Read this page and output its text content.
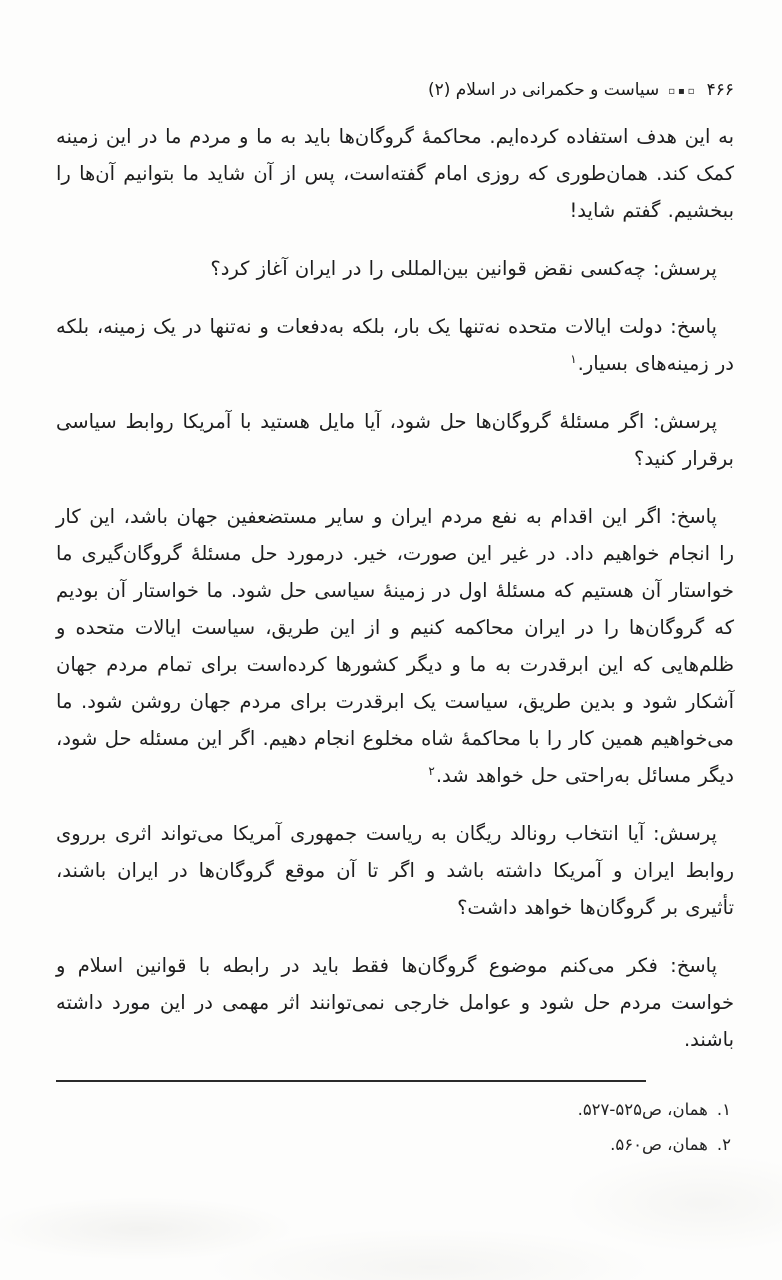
۴۶۶
▫▪▫
سیاست و حکمرانی در اسلام (۲)

به این هدف استفاده کرده‌ایم. محاکمهٔ گروگان‌ها باید به ما و مردم ما در این زمینه کمک کند. همان‌طوری که روزی امام گفته‌است، پس از آن شاید ما بتوانیم آن‌ها را ببخشیم. گفتم شاید!

پرسش: چه‌کسی نقض قوانین بین‌المللی را در ایران آغاز کرد؟

پاسخ: دولت ایالات متحده نه‌تنها یک بار، بلکه به‌دفعات و نه‌تنها در یک زمینه، بلکه در زمینه‌های بسیار.$^۱$

پرسش: اگر مسئلهٔ گروگان‌ها حل شود، آیا مایل هستید با آمریکا روابط سیاسی برقرار کنید؟

پاسخ: اگر این اقدام به نفع مردم ایران و سایر مستضعفین جهان باشد، این کار را انجام خواهیم داد. در غیر این صورت، خیر. درمورد حل مسئلهٔ گروگان‌گیری ما خواستار آن هستیم که مسئلهٔ اول در زمینهٔ سیاسی حل شود. ما خواستار آن بودیم که گروگان‌ها را در ایران محاکمه کنیم و از این طریق، سیاست ایالات متحده و ظلم‌هایی که این ابرقدرت به ما و دیگر کشورها کرده‌است برای تمام مردم جهان آشکار شود و بدین طریق، سیاست یک ابرقدرت برای مردم جهان روشن شود. ما می‌خواهیم همین کار را با محاکمهٔ شاه مخلوع انجام دهیم. اگر این مسئله حل شود، دیگر مسائل به‌راحتی حل خواهد شد.$^۲$

پرسش: آیا انتخاب رونالد ریگان به ریاست جمهوری آمریکا می‌تواند اثری برروی روابط ایران و آمریکا داشته باشد و اگر تا آن موقع گروگان‌ها در ایران باشند، تأثیری بر گروگان‌ها خواهد داشت؟

پاسخ: فکر می‌کنم موضوع گروگان‌ها فقط باید در رابطه با قوانین اسلام و خواست مردم حل شود و عوامل خارجی نمی‌توانند اثر مهمی در این مورد داشته باشند.

۱.همان، ص۵۲۵-۵۲۷.
۲.همان، ص۵۶۰.
